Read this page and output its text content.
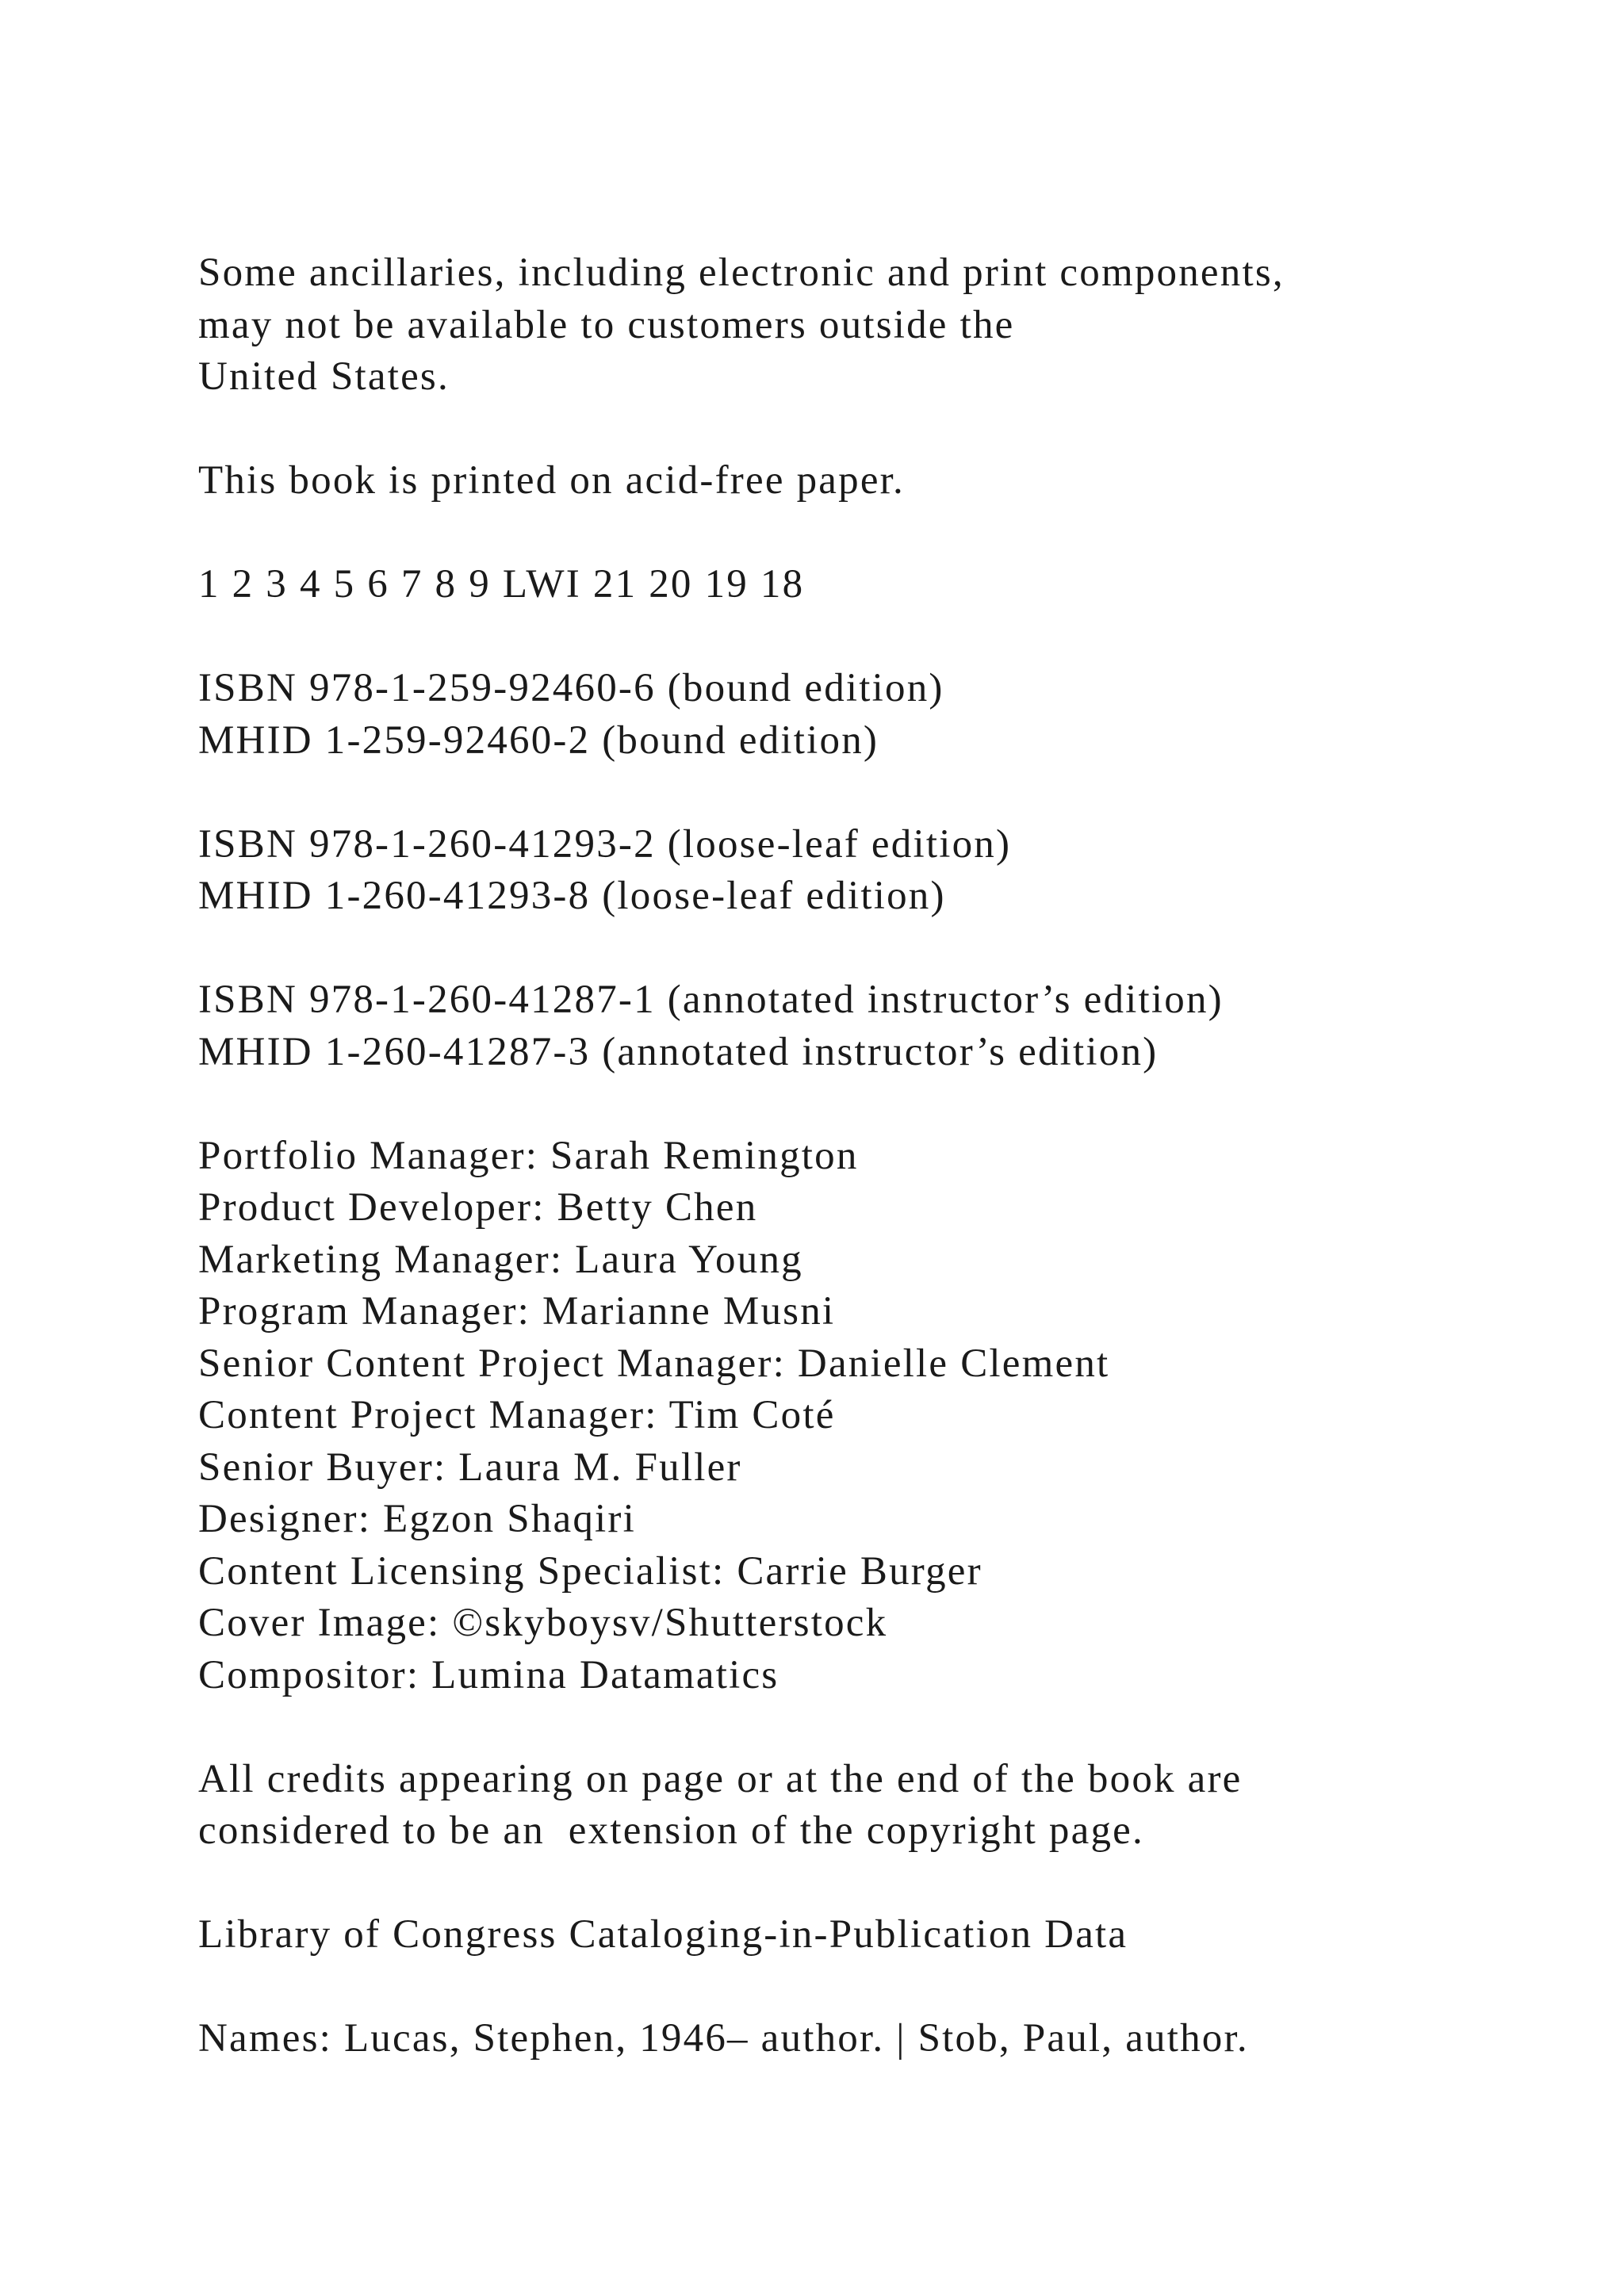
Some ancillaries, including electronic and print components,
may not be available to customers outside the
United States.

This book is printed on acid-free paper.

1 2 3 4 5 6 7 8 9 LWI 21 20 19 18

ISBN 978-1-259-92460-6 (bound edition)
MHID 1-259-92460-2 (bound edition)

ISBN 978-1-260-41293-2 (loose-leaf edition)
MHID 1-260-41293-8 (loose-leaf edition)

ISBN 978-1-260-41287-1 (annotated instructor’s edition)
MHID 1-260-41287-3 (annotated instructor’s edition)

Portfolio Manager: Sarah Remington
Product Developer: Betty Chen
Marketing Manager: Laura Young
Program Manager: Marianne Musni
Senior Content Project Manager: Danielle Clement
Content Project Manager: Tim Coté
Senior Buyer: Laura M. Fuller
Designer: Egzon Shaqiri
Content Licensing Specialist: Carrie Burger
Cover Image: ©skyboysv/Shutterstock
Compositor: Lumina Datamatics

All credits appearing on page or at the end of the book are
considered to be an  extension of the copyright page.

Library of Congress Cataloging-in-Publication Data

Names: Lucas, Stephen, 1946– author. | Stob, Paul, author.
